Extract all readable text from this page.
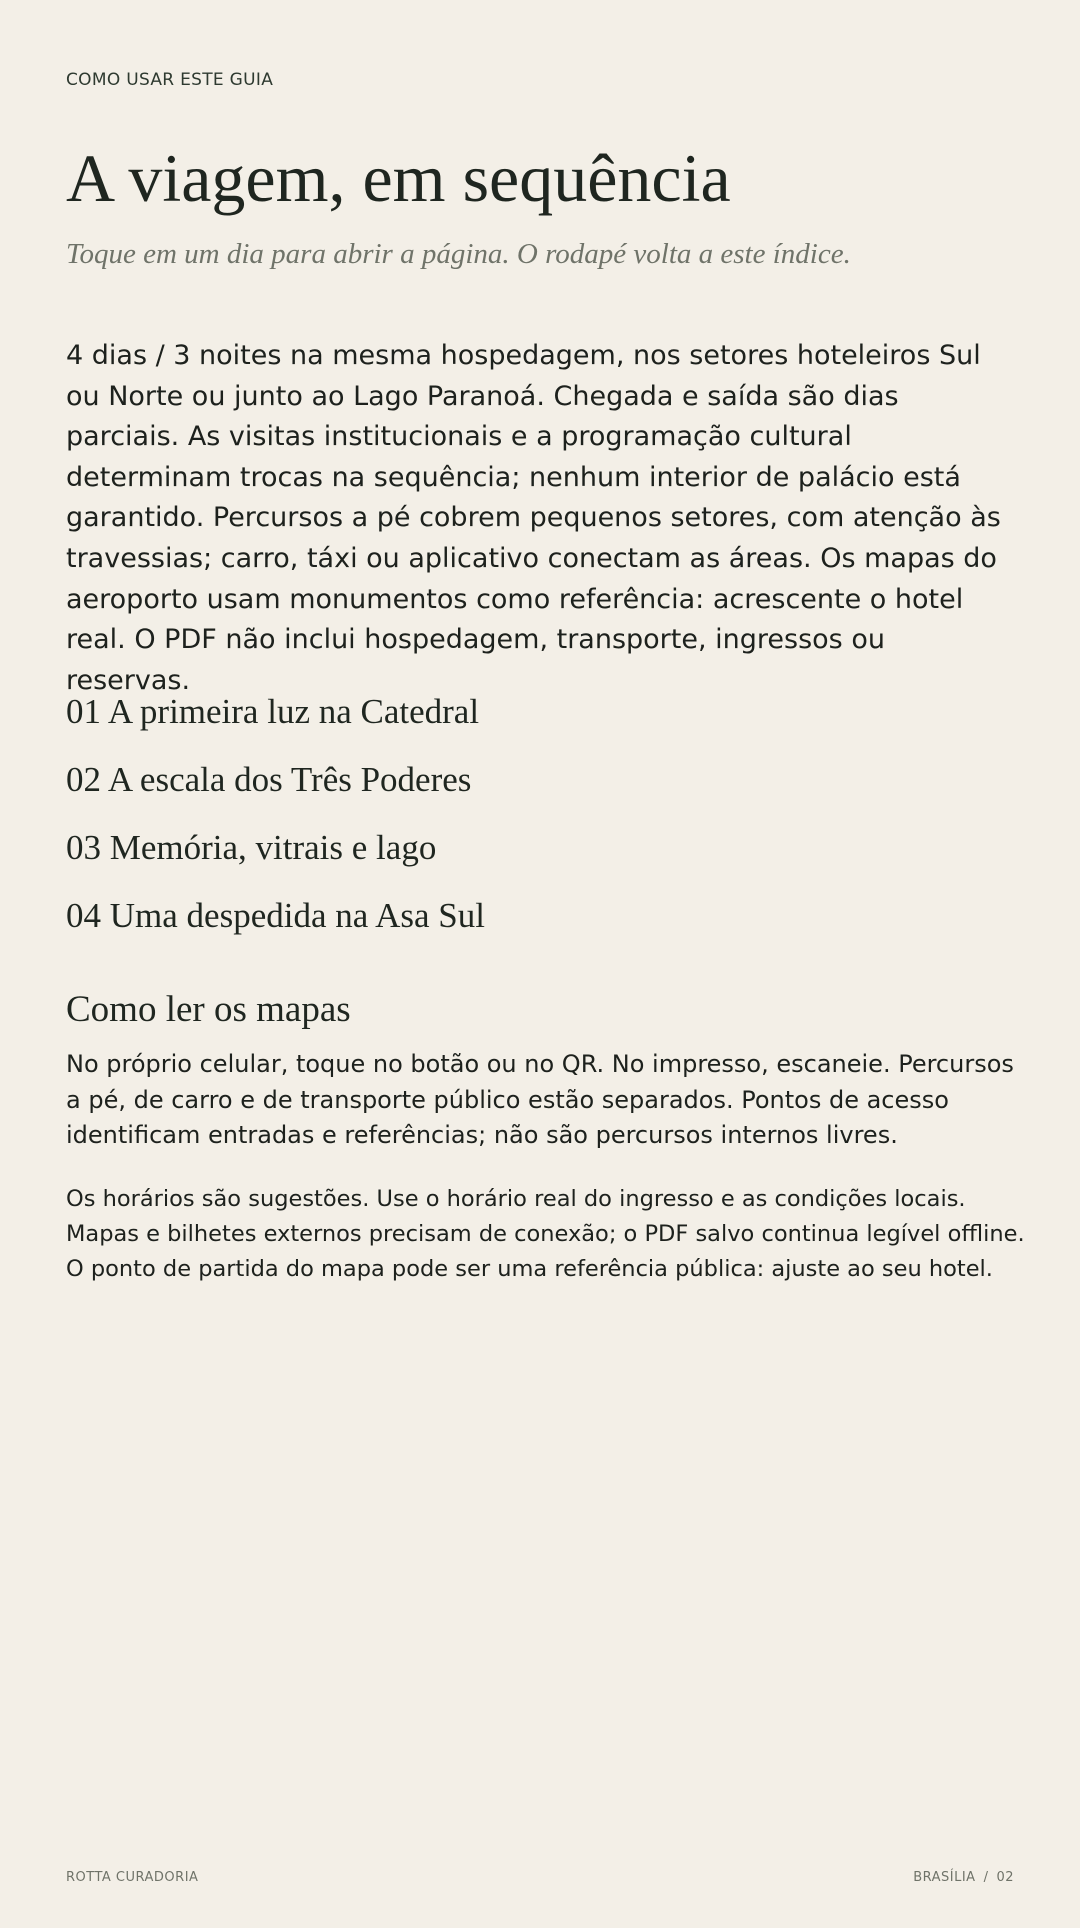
COMO USAR ESTE GUIA
A viagem, em sequência
Toque em um dia para abrir a página. O rodapé volta a este índice.

4 dias / 3 noites na mesma hospedagem, nos setores hoteleiros Sul ou Norte ou junto ao Lago Paranoá. Chegada e saída são dias parciais. As visitas institucionais e a programação cultural determinam trocas na sequência; nenhum interior de palácio está garantido. Percursos a pé cobrem pequenos setores, com atenção às travessias; carro, táxi ou aplicativo conectam as áreas. Os mapas do aeroporto usam monumentos como referência: acrescente o hotel real. O PDF não inclui hospedagem, transporte, ingressos ou reservas.

01 A primeira luz na Catedral
02 A escala dos Três Poderes
03 Memória, vitrais e lago
04 Uma despedida na Asa Sul
Como ler os mapas

No próprio celular, toque no botão ou no QR. No impresso, escaneie. Percursos a pé, de carro e de transporte público estão separados. Pontos de acesso identificam entradas e referências; não são percursos internos livres.

Os horários são sugestões. Use o horário real do ingresso e as condições locais. Mapas e bilhetes externos precisam de conexão; o PDF salvo continua legível offline. O ponto de partida do mapa pode ser uma referência pública: ajuste ao seu hotel.

ROTTA CURADORIA	BRASÍLIA / 02
